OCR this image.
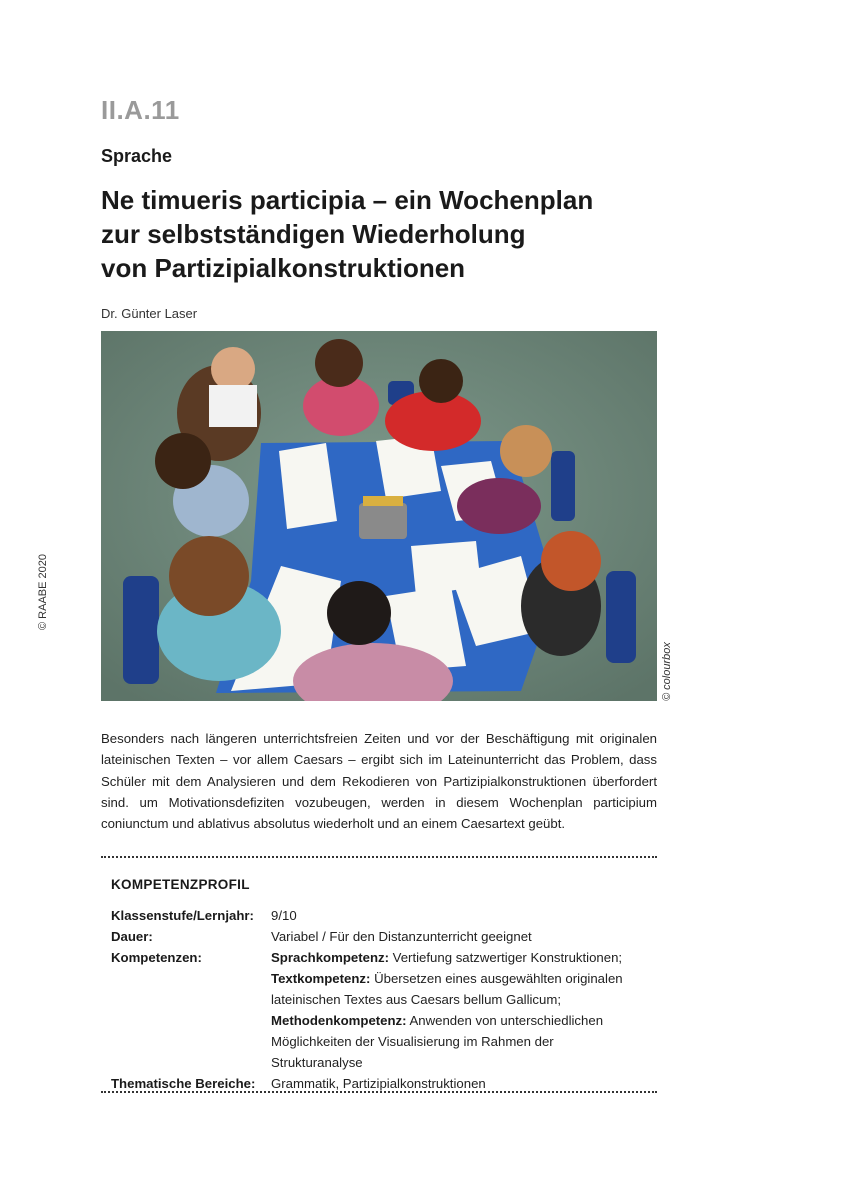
II.A.11
Sprache
Ne timueris participia – ein Wochenplan
zur selbstständigen Wiederholung
von Partizipialkonstruktionen
Dr. Günter Laser
© colourbox
© RAABE 2020

Besonders nach längeren unterrichtsfreien Zeiten und vor der Beschäftigung mit originalen lateinischen Texten – vor allem Caesars – ergibt sich im Lateinunterricht das Problem, dass Schüler mit dem Analysieren und dem Rekodieren von Partizipialkonstruktionen überfordert sind. um Motivationsdefiziten vozubeugen, werden in diesem Wochenplan participium coniunctum und ablativus absolutus wiederholt und an einem Caesartext geübt.

KOMPETENZPROFIL
Klassenstufe/Lernjahr:	9/10
Dauer:	Variabel / Für den Distanzunterricht geeignet
Kompetenzen:	Sprachkompetenz: Vertiefung satzwertiger Konstruktionen;
Textkompetenz: Übersetzen eines ausgewählten originalen lateinischen Textes aus Caesars bellum Gallicum; Methodenkompetenz: Anwenden von unterschiedlichen Möglichkeiten der Visualisierung im Rahmen der Strukturanalyse
Thematische Bereiche:	Grammatik, Partizipialkonstruktionen
